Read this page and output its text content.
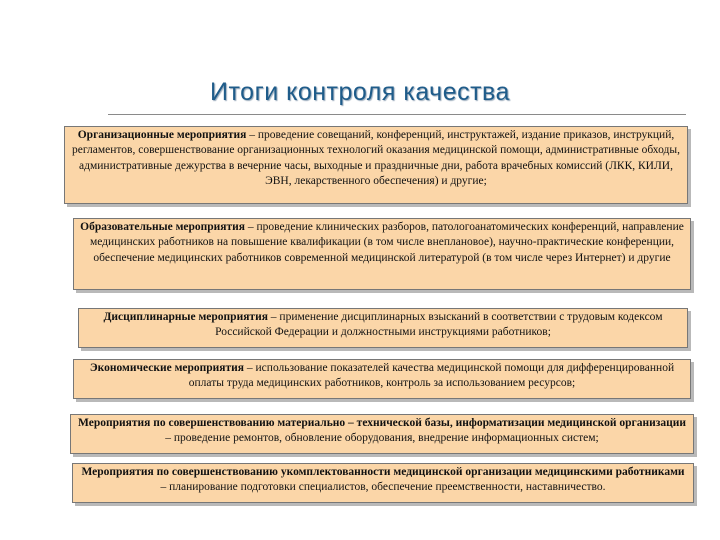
Итоги контроля качества
Организационные мероприятия – проведение совещаний, конференций, инструктажей, издание приказов, инструкций, регламентов, совершенствование организационных технологий оказания медицинской помощи, административные обходы, административные дежурства в вечерние часы, выходные и праздничные дни, работа врачебных комиссий (ЛКК, КИЛИ, ЭВН, лекарственного обеспечения) и другие;
Образовательные мероприятия – проведение клинических разборов, патологоанатомических конференций, направление медицинских работников на повышение квалификации (в том числе внеплановое), научно-практические конференции, обеспечение медицинских работников современной медицинской литературой (в том числе через Интернет) и другие
Дисциплинарные мероприятия – применение дисциплинарных взысканий в соответствии с трудовым кодексом Российской Федерации и должностными инструкциями работников;
Экономические мероприятия – использование показателей качества медицинской помощи для дифференцированной оплаты труда медицинских работников, контроль за использованием ресурсов;
Мероприятия по совершенствованию материально – технической базы, информатизации медицинской организации – проведение ремонтов, обновление оборудования, внедрение информационных систем;
Мероприятия по совершенствованию укомплектованности медицинской организации медицинскими работниками – планирование подготовки специалистов, обеспечение преемственности, наставничество.
